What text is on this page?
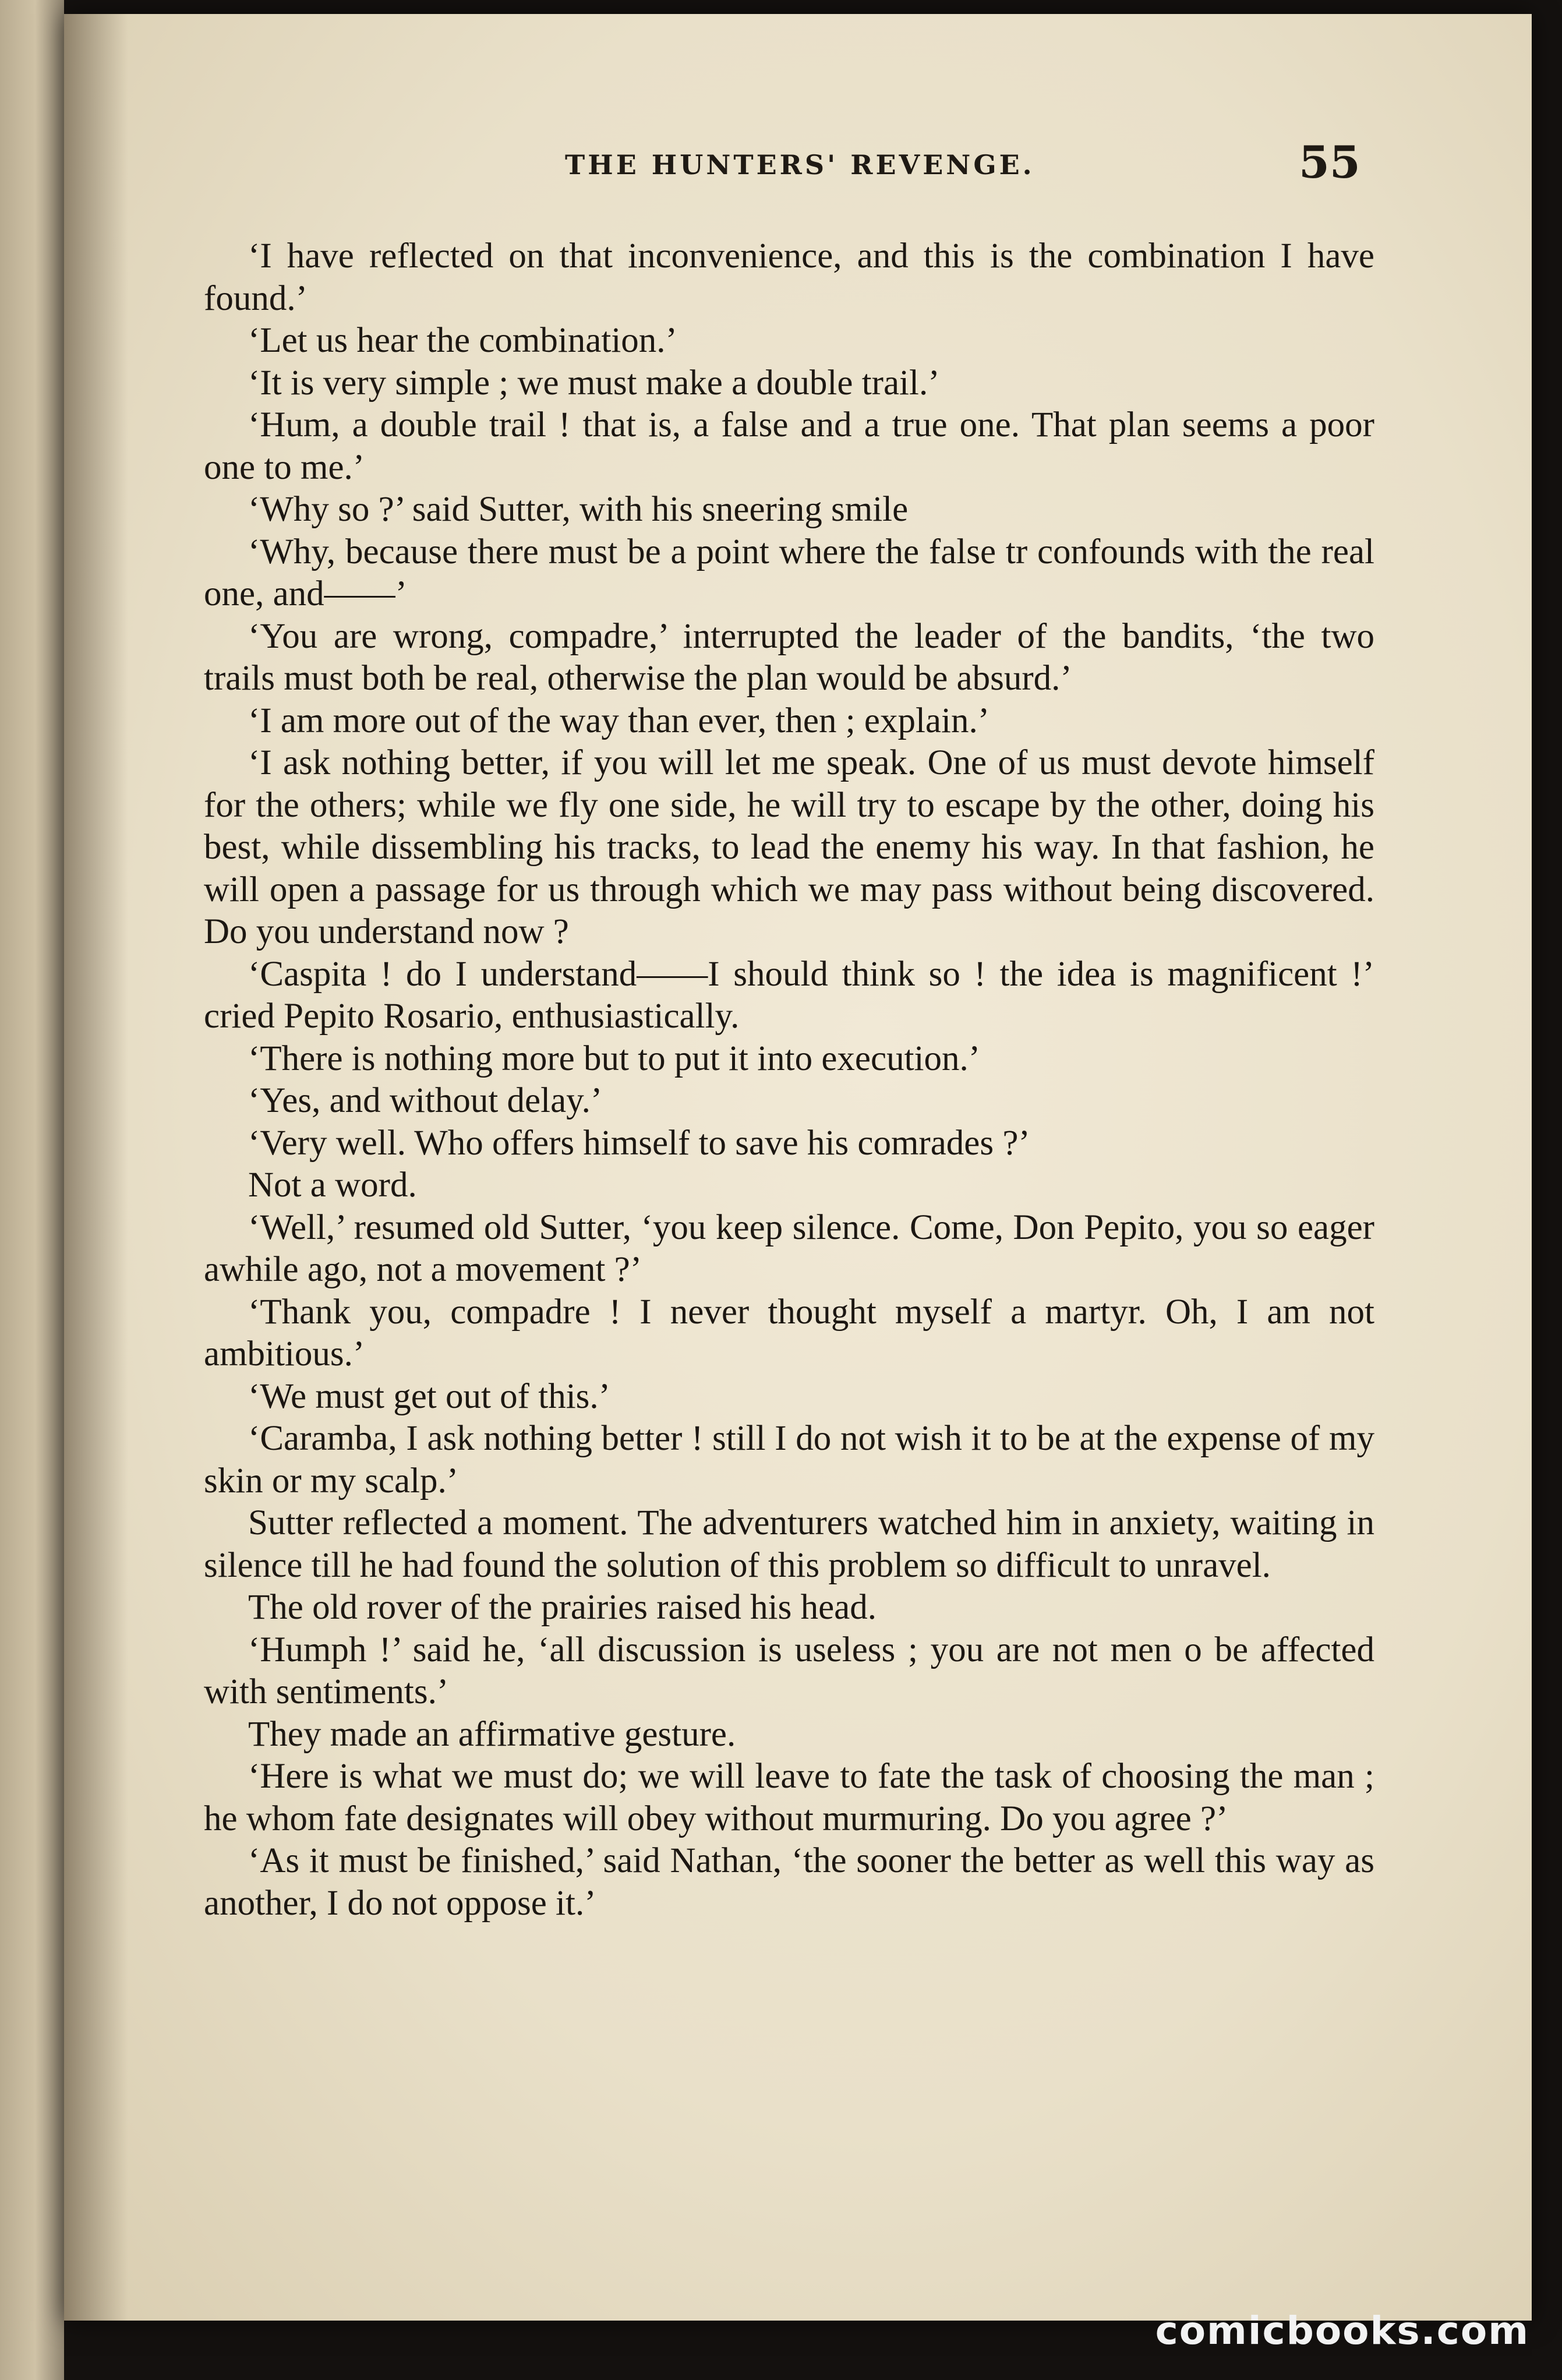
THE HUNTERS' REVENGE.	55

‘I have reflected on that inconvenience, and this is the combination I have found.’

‘Let us hear the combination.’

‘It is very simple ; we must make a double trail.’

‘Hum, a double trail ! that is, a false and a true one. That plan seems a poor one to me.’

‘Why so ?’ said Sutter, with his sneering smile

‘Why, because there must be a point where the false tr confounds with the real one, and——’

‘You are wrong, compadre,’ interrupted the leader of the bandits, ‘the two trails must both be real, otherwise the plan would be absurd.’

‘I am more out of the way than ever, then ; explain.’

‘I ask nothing better, if you will let me speak. One of us must devote himself for the others; while we fly one side, he will try to escape by the other, doing his best, while dissembling his tracks, to lead the enemy his way. In that fashion, he will open a passage for us through which we may pass without being discovered. Do you understand now ?

‘Caspita ! do I understand——I should think so ! the idea is magnificent !’ cried Pepito Rosario, enthusiastically.

‘There is nothing more but to put it into execution.’

‘Yes, and without delay.’

‘Very well. Who offers himself to save his comrades ?’

Not a word.

‘Well,’ resumed old Sutter, ‘you keep silence. Come, Don Pepito, you so eager awhile ago, not a movement ?’

‘Thank you, compadre ! I never thought myself a martyr. Oh, I am not ambitious.’

‘We must get out of this.’

‘Caramba, I ask nothing better ! still I do not wish it to be at the expense of my skin or my scalp.’

Sutter reflected a moment. The adventurers watched him in anxiety, waiting in silence till he had found the solution of this problem so difficult to unravel.

The old rover of the prairies raised his head.

‘Humph !’ said he, ‘all discussion is useless ; you are not men o be affected with sentiments.’

They made an affirmative gesture.

‘Here is what we must do; we will leave to fate the task of choosing the man ; he whom fate designates will obey without murmuring. Do you agree ?’

‘As it must be finished,’ said Nathan, ‘the sooner the better as well this way as another, I do not oppose it.’

comicbooks.com
